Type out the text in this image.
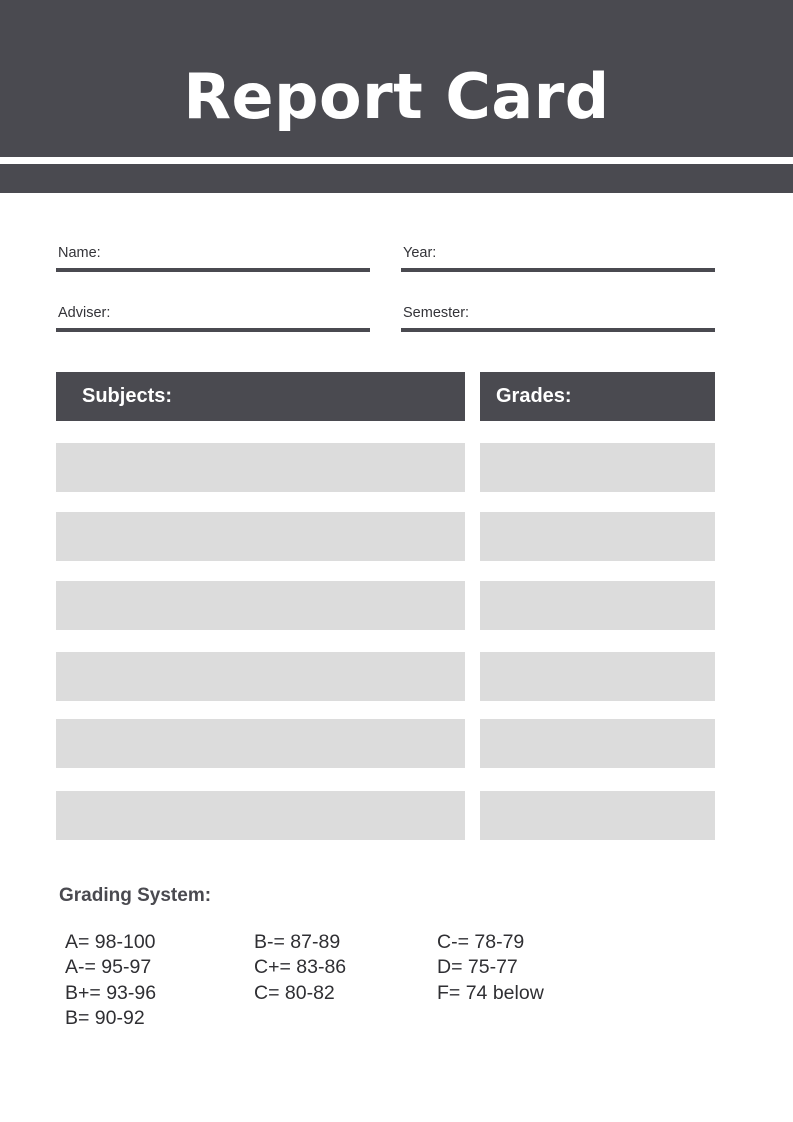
Report Card
Name:	Year:
Adviser:	Semester:
Subjects:	Grades:
Grading System:
A= 98-100
A-= 95-97
B+= 93-96
B= 90-92
B-= 87-89
C+= 83-86
C= 80-82
C-= 78-79
D= 75-77
F= 74 below
